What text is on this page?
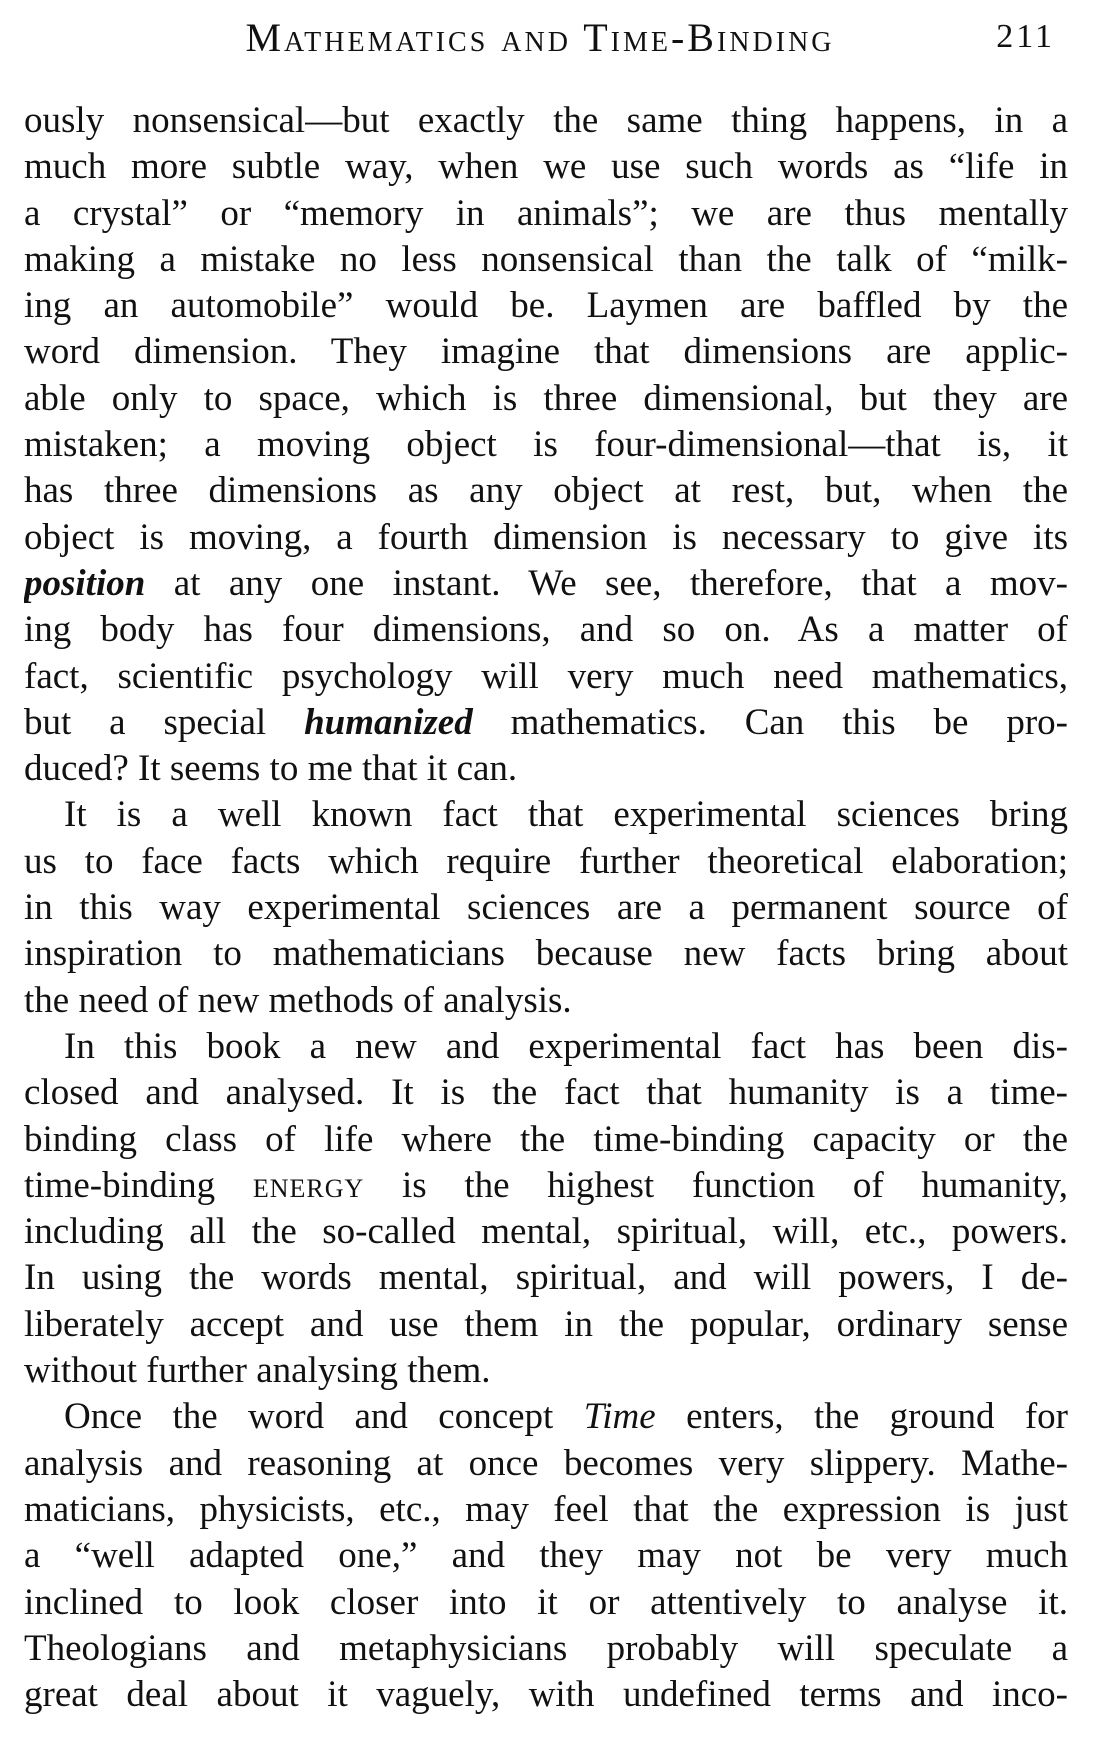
Mathematics and Time-Binding	211
ously nonsensical—but exactly the same thing happens, in a
much more subtle way, when we use such words as “life in
a crystal” or “memory in animals”; we are thus mentally
making a mistake no less nonsensical than the talk of “milk-
ing an automobile” would be. Laymen are baffled by the
word dimension. They imagine that dimensions are applic-
able only to space, which is three dimensional, but they are
mistaken; a moving object is four-dimensional—that is, it
has three dimensions as any object at rest, but, when the
object is moving, a fourth dimension is necessary to give its
position at any one instant. We see, therefore, that a mov-
ing body has four dimensions, and so on. As a matter of
fact, scientific psychology will very much need mathematics,
but a special humanized mathematics. Can this be pro-
duced? It seems to me that it can.
It is a well known fact that experimental sciences bring
us to face facts which require further theoretical elaboration;
in this way experimental sciences are a permanent source of
inspiration to mathematicians because new facts bring about
the need of new methods of analysis.
In this book a new and experimental fact has been dis-
closed and analysed. It is the fact that humanity is a time-
binding class of life where the time-binding capacity or the
time-binding energy is the highest function of humanity,
including all the so-called mental, spiritual, will, etc., powers.
In using the words mental, spiritual, and will powers, I de-
liberately accept and use them in the popular, ordinary sense
without further analysing them.
Once the word and concept Time enters, the ground for
analysis and reasoning at once becomes very slippery. Mathe-
maticians, physicists, etc., may feel that the expression is just
a “well adapted one,” and they may not be very much
inclined to look closer into it or attentively to analyse it.
Theologians and metaphysicians probably will speculate a
great deal about it vaguely, with undefined terms and inco-
